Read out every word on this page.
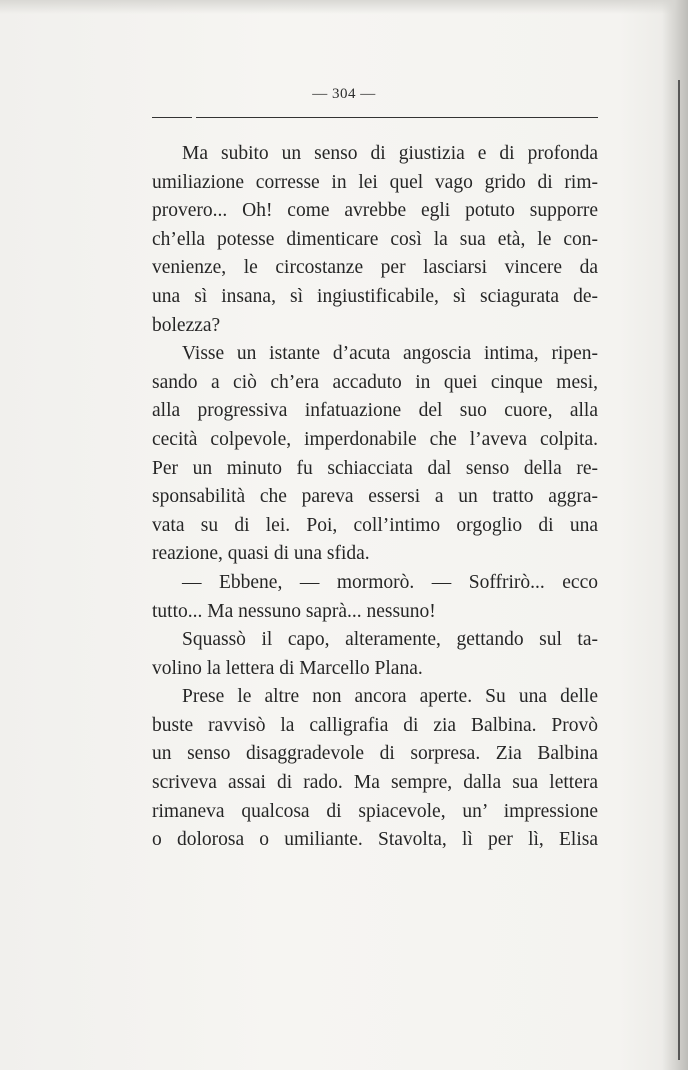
— 304 —
Ma subito un senso di giustizia e di profonda
umiliazione corresse in lei quel vago grido di rim-
provero... Oh! come avrebbe egli potuto supporre
ch’ella potesse dimenticare così la sua età, le con-
venienze, le circostanze per lasciarsi vincere da
una sì insana, sì ingiustificabile, sì sciagurata de-
bolezza?
Visse un istante d’acuta angoscia intima, ripen-
sando a ciò ch’era accaduto in quei cinque mesi,
alla progressiva infatuazione del suo cuore, alla
cecità colpevole, imperdonabile che l’aveva colpita.
Per un minuto fu schiacciata dal senso della re-
sponsabilità che pareva essersi a un tratto aggra-
vata su di lei. Poi, coll’intimo orgoglio di una
reazione, quasi di una sfida.
— Ebbene, — mormorò. — Soffrirò... ecco
tutto... Ma nessuno saprà... nessuno!
Squassò il capo, alteramente, gettando sul ta-
volino la lettera di Marcello Plana.
Prese le altre non ancora aperte. Su una delle
buste ravvisò la calligrafia di zia Balbina. Provò
un senso disaggradevole di sorpresa. Zia Balbina
scriveva assai di rado. Ma sempre, dalla sua lettera
rimaneva qualcosa di spiacevole, un’ impressione
o dolorosa o umiliante. Stavolta, lì per lì, Elisa
